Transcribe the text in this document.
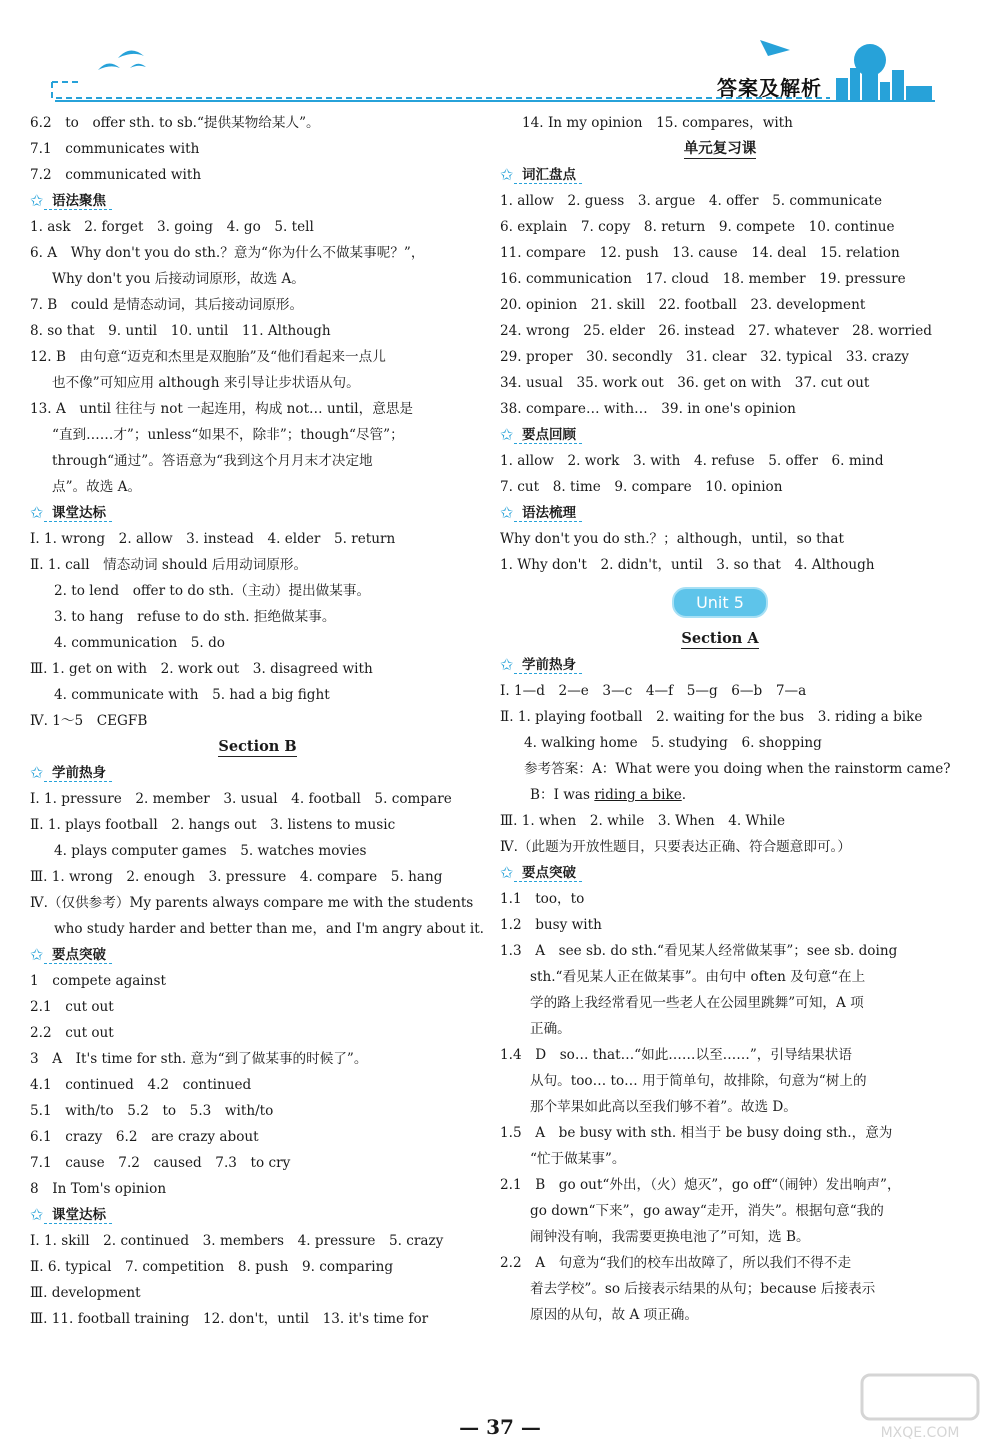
答案及解析
6.2　to　offer sth. to sb.“提供某物给某人”。
7.1　communicates with
7.2　communicated with
✩ 语法聚焦
1. ask　2. forget　3. going　4. go　5. tell
6. A　Why don't you do sth.？意为“你为什么不做某事呢？”，
Why don't you 后接动词原形，故选 A。
7. B　could 是情态动词，其后接动词原形。
8. so that　9. until　10. until　11. Although
12. B　由句意“迈克和杰里是双胞胎”及“他们看起来一点儿
也不像”可知应用 although 来引导让步状语从句。
13. A　until 往往与 not 一起连用，构成 not… until，意思是
“直到……才”；unless“如果不，除非”；though“尽管”；
through“通过”。答语意为“我到这个月月末才决定地
点”。故选 A。
✩ 课堂达标
Ⅰ. 1. wrong　2. allow　3. instead　4. elder　5. return
Ⅱ. 1. call　情态动词 should 后用动词原形。
2. to lend　offer to do sth.（主动）提出做某事。
3. to hang　refuse to do sth. 拒绝做某事。
4. communication　5. do
Ⅲ. 1. get on with　2. work out　3. disagreed with
4. communicate with　5. had a big fight
Ⅳ. 1～5　CEGFB
Section B
✩ 学前热身
Ⅰ. 1. pressure　2. member　3. usual　4. football　5. compare
Ⅱ. 1. plays football　2. hangs out　3. listens to music
4. plays computer games　5. watches movies
Ⅲ. 1. wrong　2. enough　3. pressure　4. compare　5. hang
Ⅳ.（仅供参考）My parents always compare me with the students
who study harder and better than me，and I'm angry about it.
✩ 要点突破
1　compete against
2.1　cut out
2.2　cut out
3　A　It's time for sth. 意为“到了做某事的时候了”。
4.1　continued　4.2　continued
5.1　with/to　5.2　to　5.3　with/to
6.1　crazy　6.2　are crazy about
7.1　cause　7.2　caused　7.3　to cry
8　In Tom's opinion
✩ 课堂达标
Ⅰ. 1. skill　2. continued　3. members　4. pressure　5. crazy
Ⅱ. 6. typical　7. competition　8. push　9. comparing
Ⅲ. development
Ⅲ. 11. football training　12. don't，until　13. it's time for
14. In my opinion　15. compares，with
单元复习课
✩ 词汇盘点
1. allow　2. guess　3. argue　4. offer　5. communicate
6. explain　7. copy　8. return　9. compete　10. continue
11. compare　12. push　13. cause　14. deal　15. relation
16. communication　17. cloud　18. member　19. pressure
20. opinion　21. skill　22. football　23. development
24. wrong　25. elder　26. instead　27. whatever　28. worried
29. proper　30. secondly　31. clear　32. typical　33. crazy
34. usual　35. work out　36. get on with　37. cut out
38. compare… with…　39. in one's opinion
✩ 要点回顾
1. allow　2. work　3. with　4. refuse　5. offer　6. mind
7. cut　8. time　9. compare　10. opinion
✩ 语法梳理
Why don't you do sth.？；although，until，so that
1. Why don't　2. didn't，until　3. so that　4. Although
Unit 5
Section A
✩ 学前热身
Ⅰ. 1—d　2—e　3—c　4—f　5—g　6—b　7—a
Ⅱ. 1. playing football　2. waiting for the bus　3. riding a bike
4. walking home　5. studying　6. shopping
参考答案：A：What were you doing when the rainstorm came?
B：I was riding a bike.
Ⅲ. 1. when　2. while　3. When　4. While
Ⅳ.（此题为开放性题目，只要表达正确、符合题意即可。）
✩ 要点突破
1.1　too，to
1.2　busy with
1.3　A　see sb. do sth.“看见某人经常做某事”；see sb. doing
sth.“看见某人正在做某事”。由句中 often 及句意“在上
学的路上我经常看见一些老人在公园里跳舞”可知，A 项
正确。
1.4　D　so… that…“如此……以至……”，引导结果状语
从句。too… to… 用于简单句，故排除，句意为“树上的
那个苹果如此高以至我们够不着”。故选 D。
1.5　A　be busy with sth. 相当于 be busy doing sth.，意为
“忙于做某事”。
2.1　B　go out“外出，（火）熄灭”，go off“（闹钟）发出响声”，
go down“下来”，go away“走开，消失”。根据句意“我的
闹钟没有响，我需要更换电池了”可知，选 B。
2.2　A　句意为“我们的校车出故障了，所以我们不得不走
着去学校”。so 后接表示结果的从句；because 后接表示
原因的从句，故 A 项正确。
— 37 —	MXQE.COM
